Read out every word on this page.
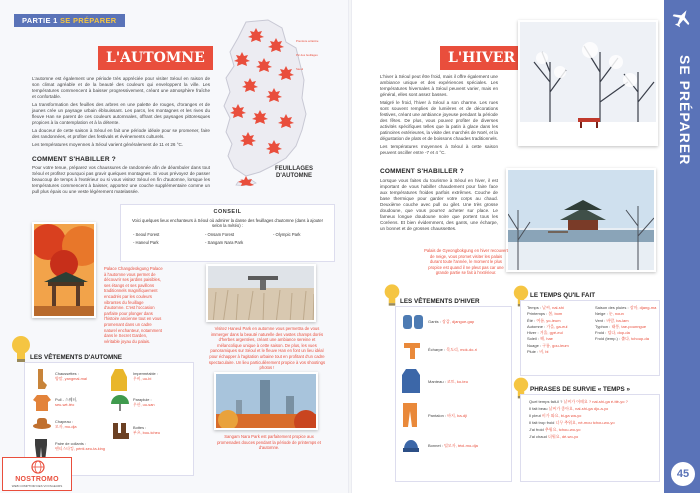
PARTIE 1 SE PRÉPARER
L'AUTOMNE

L'automne est également une période très appréciée pour visiter Séoul en raison de son climat agréable et de la beauté des couleurs qui enveloppent la ville. Les températures commencent à baisser progressivement, créant une atmosphère fraîche et confortable.

La transformation des feuilles des arbres en une palette de rouges, d'oranges et de jaunes crée un paysage urbain éblouissant. Les parcs, les montagnes et les rives du fleuve Han se parent de ces couleurs automnales, offrant des paysages pittoresques propices à la contemplation et à la détente.

La douceur de cette saison à Séoul en fait une période idéale pour se promener, faire des randonnées, et profiter des festivals et événements culturels.

Les températures moyennes à Séoul varient généralement de 11 et 26 °C.

COMMENT S'HABILLER ?
Pour votre tenue, préparez vos chaussures de randonnée afin de déambuler dans tout Séoul et profitez pourquoi pas gravir quelques montagnes. Si vous prévoyez de passer beaucoup de temps à l'extérieur ou si vous visitez Séoul en fin d'automne, lorsque les températures commencent à baisser, apportez une couche supplémentaire comme un pull plus épais ou une veste légèrement matelassée.
Première éclaircie
Pic des feuillages
Séoul
FEUILLAGES
D'AUTOMNE
CONSEIL
Voici quelques lieux enchanteurs à Séoul où admirer la danse des feuillages d'automne (dans à ajouter selon la météo) :
- Seoul Forest	- Onsam Forest	- Olympic Park
- Haneul Park	- Sangam Nara Park
Palace Changdeokgung Palace à l'automne vous permet de découvrir ses jardins paisibles, ses étangs et ses pavillons traditionnels magnifiquement encadrés par les couleurs vibrantes du feuillage d'automne. C'est l'occasion parfaite pour plonger dans l'histoire ancienne tout en vous promenant dans un cadre naturel enchanteur, notamment dans le Secret Garden, véritable joyau du palais.
Visitez Haneul Park en automne vous permettra de vous immerger dans la beauté naturelle des vastes champs dorés d'herbes argentées, créant une ambiance sereine et mélancolique unique à cette saison. De plus, les vues panoramiques sur Séoul et le fleuve Han en font un lieu idéal pour échapper à l'agitation urbaine tout en profitant d'un cadre spectaculaire. Un lieu particulièrement propice à vos shootings photos !
Sangam Nara Park est parfaitement propice aux promenades douces pendant la période de printemps et d'automne.
LES VÊTEMENTS D'AUTOMNE
Chaussettes :
양말, yangmal-mal
Imperméable :
우비, uu-bi
Pull - 스웨터,
seu-wé-téo
Parapluie :
우산, uu-san
Chapeau :
모자, mo-dja	Bottes :
부츠, bou-tcheu
Paire de collants :
팬티스타킹, pènti-seu-ta-king
NOSTROMO
WEB COMPTOIR DES VOYAGEURS
L'HIVER

L'hiver à Séoul peut être froid, mais il offre également une ambiance unique et des expériences spéciales. Les températures hivernales à Séoul peuvent varier, mais en général, elles sont assez basses.

Malgré le froid, l'hiver à Séoul a son charme. Les rues sont souvent remplies de lumières et de décorations festives, créant une ambiance joyeuse pendant la période des fêtes. De plus, vous pouvez profiter de diverses activités spécifiques telles que la patin à glace dans les patinoires extérieures, la visite des marchés de Noël, et la dégustation de plats et de boissons chaudes traditionnels.

Les températures moyennes à Séoul à cette saison peuvent osciller entre -7 et 4 °C.

COMMENT S'HABILLER ?
Lorsque vous faites du tourisme à Séoul en hiver, il est important de vous habiller chaudement pour faire face aux températures froides parfois extrêmes. Couche de base thermique pour garder votre corps au chaud. Deuxième couche avec pull ou gilet. Une très grosse doudoune, que vous pourrez acheter sur place. Le fameux longue doudoune noire que portent tous les Coréens. Et bien évidemment, des gants, une écharpe, un bonnet et de grosses chaussettes.
Palais de Gyeongbokgung en hiver recouvert de neige, vous promet visiter les palais durant toute l'année, le moment le plus propice est quand il ne pleut pas car une grande partie se fait à l'extérieur.
LES VÊTEMENTS D'HIVER
Gants : 장갑, djangue-gap
Écharpe : 목도리, mok-do-ri
Manteau : 코트, ko-teu
Pantalon : 바지, ba-dji
Bonnet : 털모자, téol-mo-dja
LE TEMPS QU'IL FAIT
Temps : 날씨, nal-shi
Printemps : 봄, bom
Été : 여름, yo-leum
Automne : 가을, ga-eul
Hiver : 겨울, gyé-eul
Soleil : 해, hae
Nuage : 구름, gou-leum
Pluie : 비, bi
Saison des pluies : 장마, djang-ma
Neige : 눈, noun
Vent : 바람, ba-lam
Typhon : 태풍, tae-pounngue
Froid : 덥다, dop-da
Froid (temp.) : 춥다, tchoup-da
PHRASES DE SURVIE « TEMPS »
Quel temps fait-il ? 날씨가 어때요 ? nal-shi-ga é-ttè-yo ?
Il fait beau 날씨가 좋아요, nal-shi-ga djo-a-yo
Il pleut 비가 와요, bi-ga wa-yo
Il fait trop froid 너무 추워요, né-mou tchou-wo-yo
J'ai froid 추워요, tchou-wo-yo
J'ai chaud 더워요, dé-wo-yo
SE PRÉPARER
45
